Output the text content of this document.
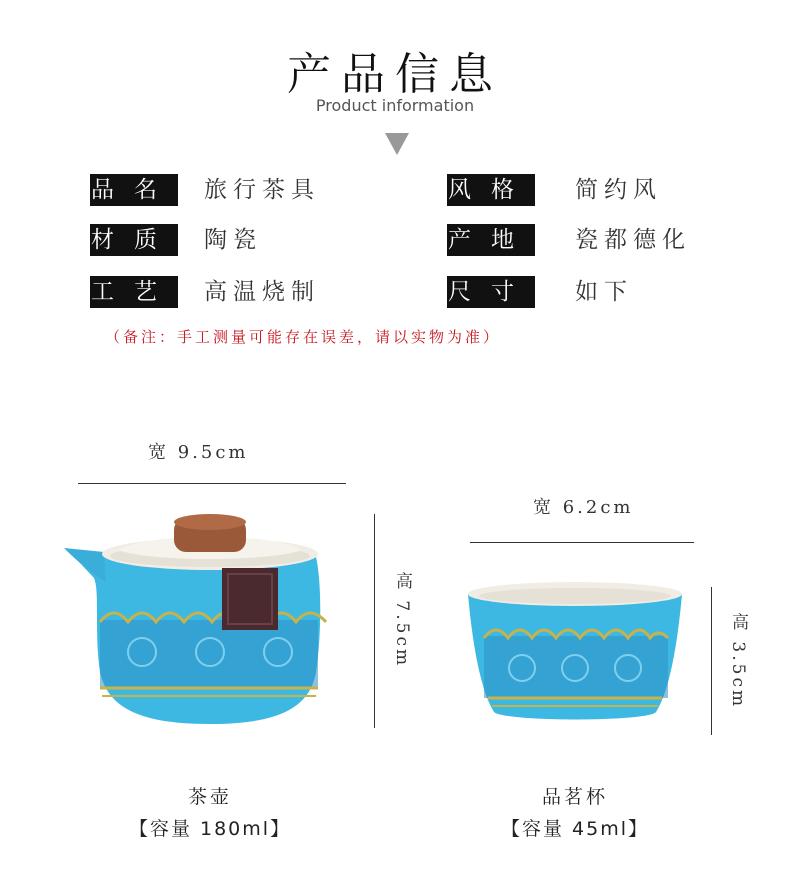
产品信息
Product information
品名 旅行茶具	风格 简约风
材质 陶瓷	产地 瓷都德化
工艺 高温烧制	尺寸 如下
（备注：手工测量可能存在误差，请以实物为准）
宽 9.5cm
高 7.5cm
茶壶
【容量 180ml】
宽 6.2cm
高 3.5cm
品茗杯
【容量 45ml】
